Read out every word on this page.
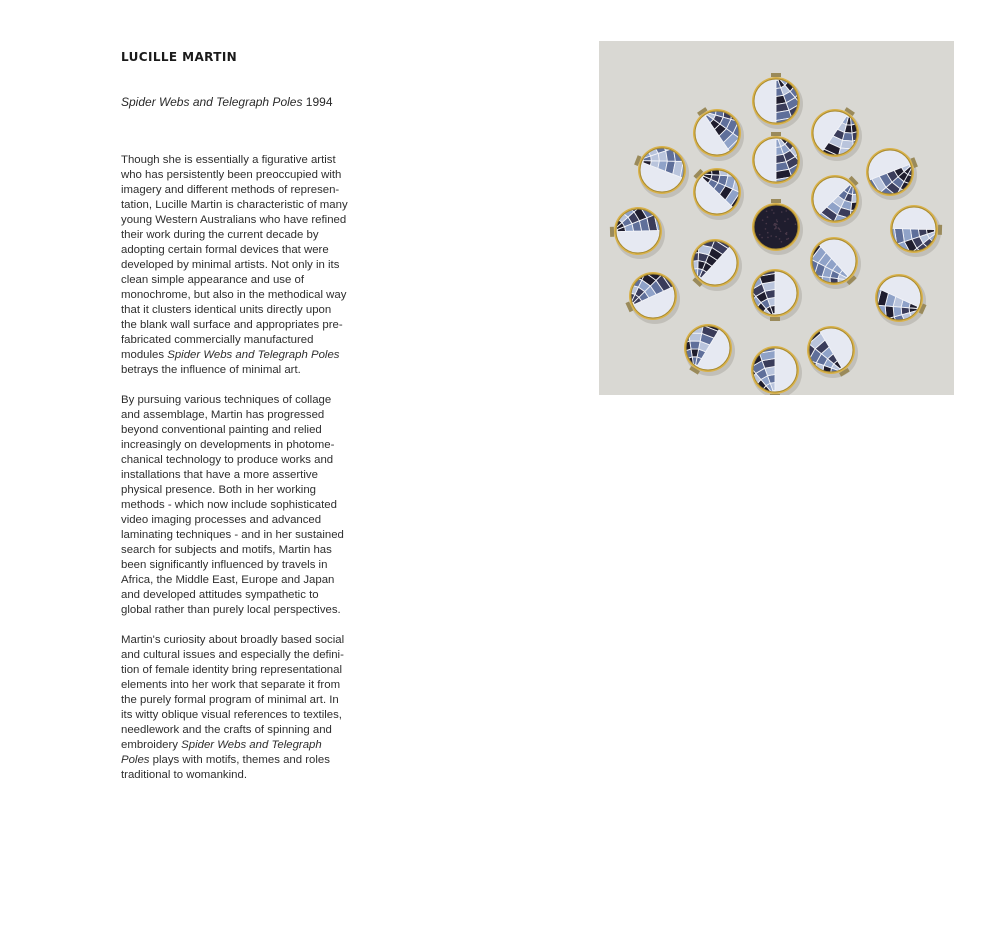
LUCILLE MARTIN

Spider Webs and Telegraph Poles 1994

Though she is essentially a figurative artist
who has persistently been preoccupied with
imagery and different methods of represen-
tation, Lucille Martin is characteristic of many
young Western Australians who have refined
their work during the current decade by
adopting certain formal devices that were
developed by minimal artists. Not only in its
clean simple appearance and use of
monochrome, but also in the methodical way
that it clusters identical units directly upon
the blank wall surface and appropriates pre-
fabricated commercially manufactured
modules Spider Webs and Telegraph Poles
betrays the influence of minimal art.

By pursuing various techniques of collage
and assemblage, Martin has progressed
beyond conventional painting and relied
increasingly on developments in photome-
chanical technology to produce works and
installations that have a more assertive
physical presence. Both in her working
methods - which now include sophisticated
video imaging processes and advanced
laminating techniques - and in her sustained
search for subjects and motifs, Martin has
been significantly influenced by travels in
Africa, the Middle East, Europe and Japan
and developed attitudes sympathetic to
global rather than purely local perspectives.

Martin's curiosity about broadly based social
and cultural issues and especially the defini-
tion of female identity bring representational
elements into her work that separate it from
the purely formal program of minimal art. In
its witty oblique visual references to textiles,
needlework and the crafts of spinning and
embroidery Spider Webs and Telegraph
Poles plays with motifs, themes and roles
traditional to womankind.
